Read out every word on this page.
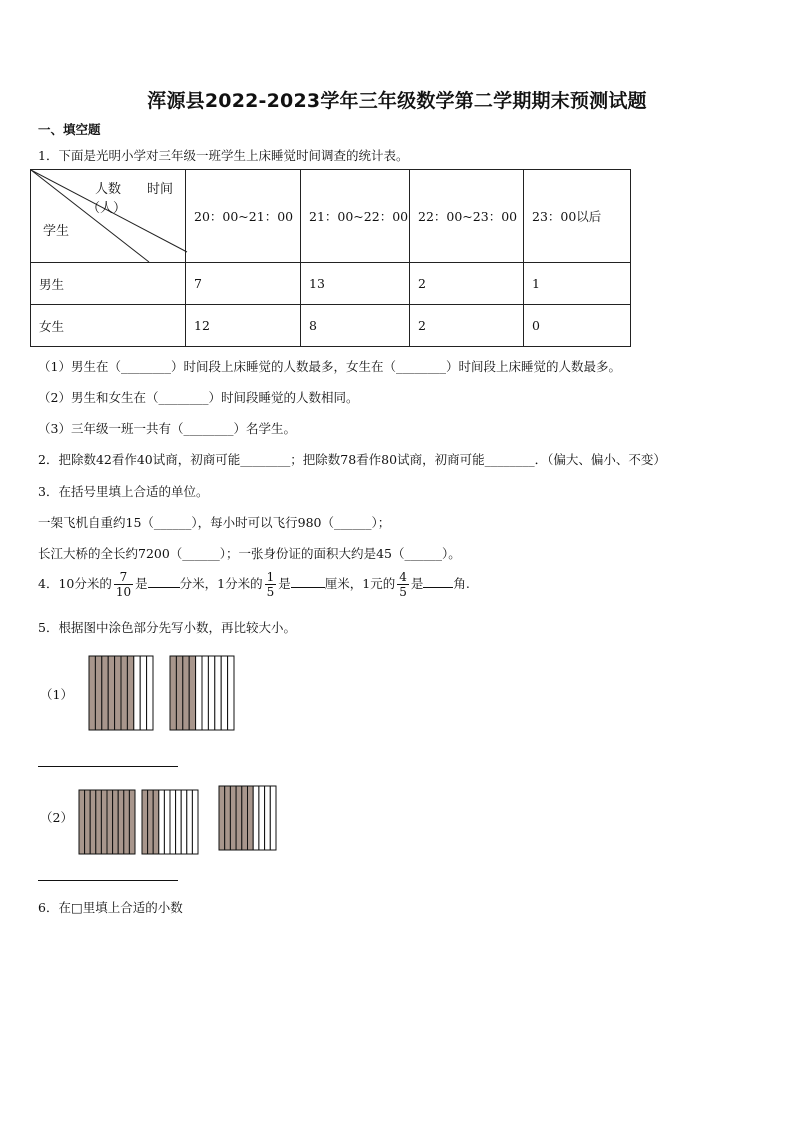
浑源县2022-2023学年三年级数学第二学期期末预测试题
一、填空题
1．下面是光明小学对三年级一班学生上床睡觉时间调查的统计表。
人数 时间
（人）
学生	20：00~21：00	21：00~22：00	22：00~23：00	23：00以后
男生	7	13	2	1
女生	12	8	2	0
（1）男生在（________）时间段上床睡觉的人数最多，女生在（________）时间段上床睡觉的人数最多。
（2）男生和女生在（________）时间段睡觉的人数相同。
（3）三年级一班一共有（________）名学生。
2．把除数42看作40试商，初商可能________；把除数78看作80试商，初商可能________．（偏大、偏小、不变）
3．在括号里填上合适的单位。
一架飞机自重约15（______），每小时可以飞行980（______）；
长江大桥的全长约7200（______）；一张身份证的面积大约是45（______）。
4．10分米的 $\frac{7}{10}$ 是	分米，1分米的 $\frac{1}{5}$ 是	厘米，1元的 $\frac{4}{5}$ 是 角.
5．根据图中涂色部分先写小数，再比较大小。
（1）
（2）
6．在□里填上合适的小数
